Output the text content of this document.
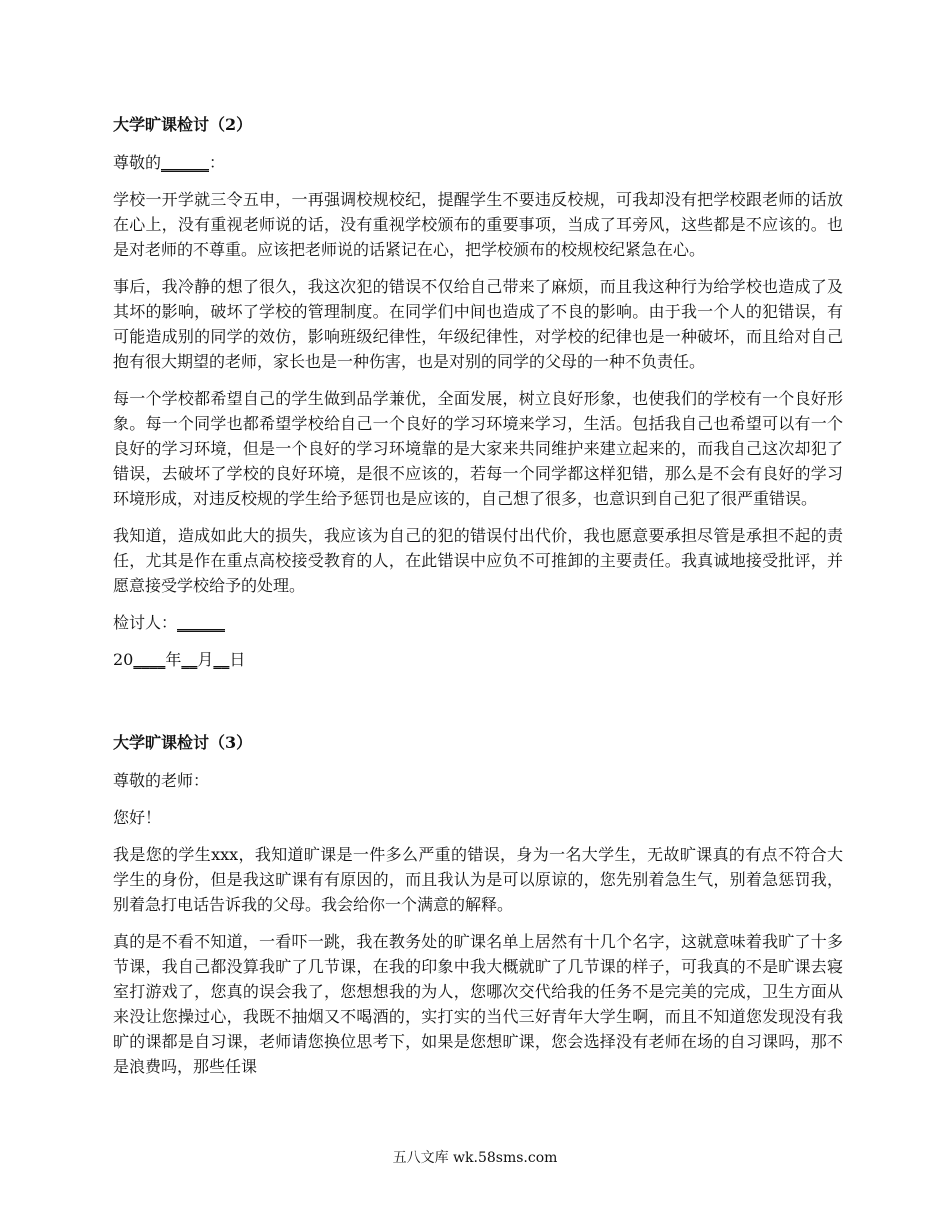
大学旷课检讨（2）
尊敬的______：
学校一开学就三令五申，一再强调校规校纪，提醒学生不要违反校规，可我却没有把学校跟老师的话放在心上，没有重视老师说的话，没有重视学校颁布的重要事项，当成了耳旁风，这些都是不应该的。也是对老师的不尊重。应该把老师说的话紧记在心，把学校颁布的校规校纪紧急在心。
事后，我冷静的想了很久，我这次犯的错误不仅给自己带来了麻烦，而且我这种行为给学校也造成了及其坏的影响，破坏了学校的管理制度。在同学们中间也造成了不良的影响。由于我一个人的犯错误，有可能造成别的同学的效仿，影响班级纪律性，年级纪律性，对学校的纪律也是一种破坏，而且给对自己抱有很大期望的老师，家长也是一种伤害，也是对别的同学的父母的一种不负责任。
每一个学校都希望自己的学生做到品学兼优，全面发展，树立良好形象，也使我们的学校有一个良好形象。每一个同学也都希望学校给自己一个良好的学习环境来学习，生活。包括我自己也希望可以有一个良好的学习环境，但是一个良好的学习环境靠的是大家来共同维护来建立起来的，而我自己这次却犯了错误，去破坏了学校的良好环境，是很不应该的，若每一个同学都这样犯错，那么是不会有良好的学习环境形成，对违反校规的学生给予惩罚也是应该的，自己想了很多，也意识到自己犯了很严重错误。
我知道，造成如此大的损失，我应该为自己的犯的错误付出代价，我也愿意要承担尽管是承担不起的责任，尤其是作在重点高校接受教育的人，在此错误中应负不可推卸的主要责任。我真诚地接受批评，并愿意接受学校给予的处理。
检讨人：______
20____年__月__日
大学旷课检讨（3）
尊敬的老师：
您好！
我是您的学生xxx，我知道旷课是一件多么严重的错误，身为一名大学生，无故旷课真的有点不符合大学生的身份，但是我这旷课有有原因的，而且我认为是可以原谅的，您先别着急生气，别着急惩罚我，别着急打电话告诉我的父母。我会给你一个满意的解释。
真的是不看不知道，一看吓一跳，我在教务处的旷课名单上居然有十几个名字，这就意味着我旷了十多节课，我自己都没算我旷了几节课，在我的印象中我大概就旷了几节课的样子，可我真的不是旷课去寝室打游戏了，您真的误会我了，您想想我的为人，您哪次交代给我的任务不是完美的完成，卫生方面从来没让您操过心，我既不抽烟又不喝酒的，实打实的当代三好青年大学生啊，而且不知道您发现没有我旷的课都是自习课，老师请您换位思考下，如果是您想旷课，您会选择没有老师在场的自习课吗，那不是浪费吗，那些任课
五八文库 wk.58sms.com
